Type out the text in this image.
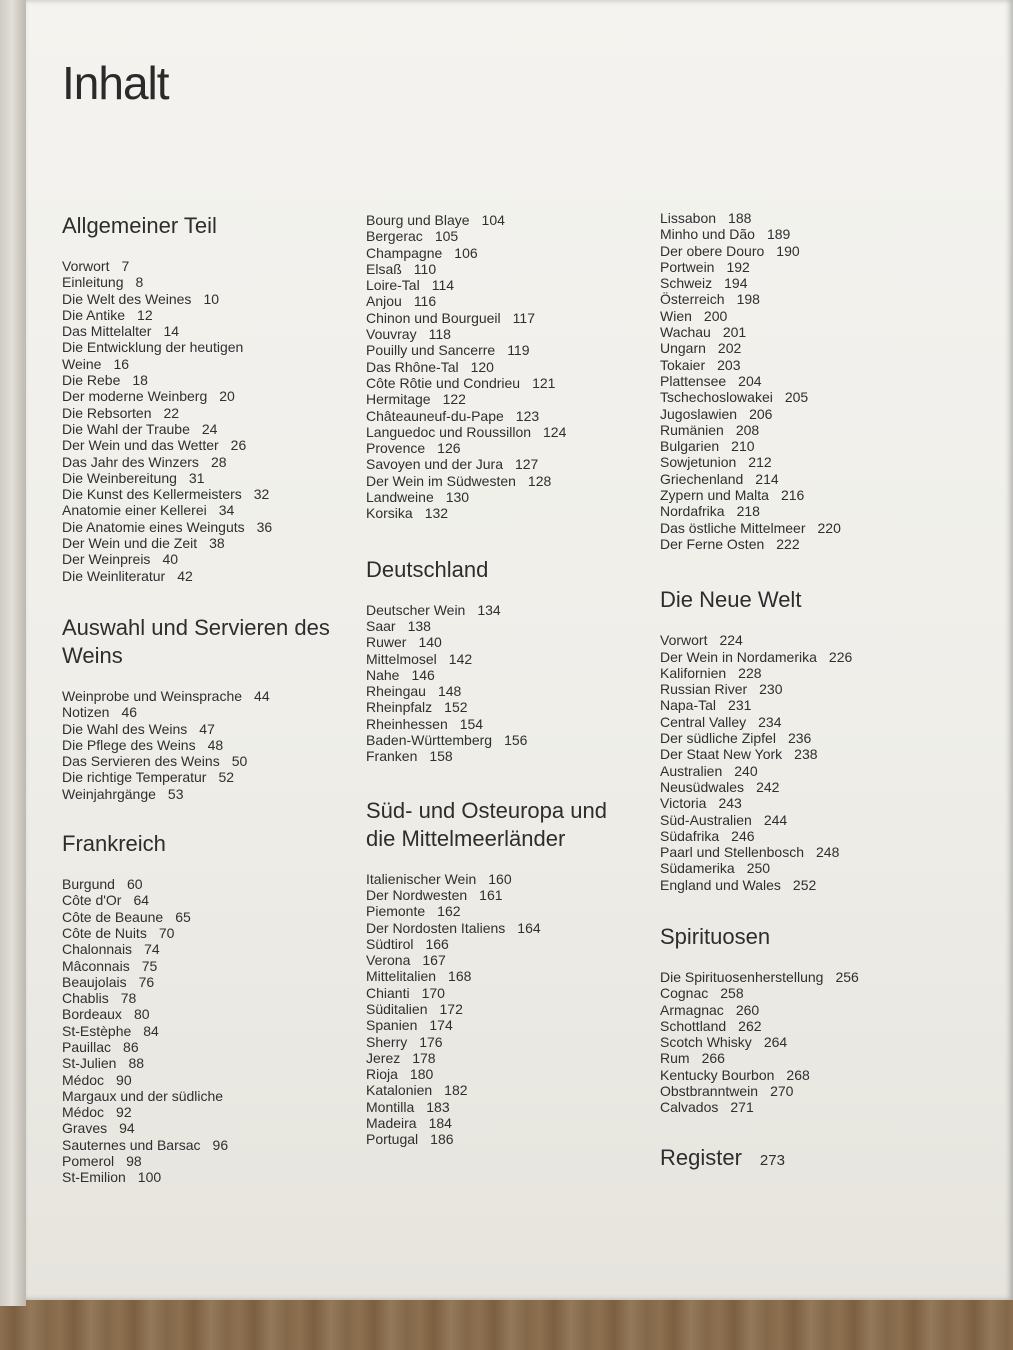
Inhalt
Allgemeiner Teil
Vorwort 7
Einleitung 8
Die Welt des Weines 10
Die Antike 12
Das Mittelalter 14
Die Entwicklung der heutigen
Weine 16
Die Rebe 18
Der moderne Weinberg 20
Die Rebsorten 22
Die Wahl der Traube 24
Der Wein und das Wetter 26
Das Jahr des Winzers 28
Die Weinbereitung 31
Die Kunst des Kellermeisters 32
Anatomie einer Kellerei 34
Die Anatomie eines Weinguts 36
Der Wein und die Zeit 38
Der Weinpreis 40
Die Weinliteratur 42
Auswahl und Servieren des Weins
Weinprobe und Weinsprache 44
Notizen 46
Die Wahl des Weins 47
Die Pflege des Weins 48
Das Servieren des Weins 50
Die richtige Temperatur 52
Weinjahrgänge 53
Frankreich
Burgund 60
Côte d'Or 64
Côte de Beaune 65
Côte de Nuits 70
Chalonnais 74
Mâconnais 75
Beaujolais 76
Chablis 78
Bordeaux 80
St-Estèphe 84
Pauillac 86
St-Julien 88
Médoc 90
Margaux und der südliche
Médoc 92
Graves 94
Sauternes und Barsac 96
Pomerol 98
St-Emilion 100
Bourg und Blaye 104
Bergerac 105
Champagne 106
Elsaß 110
Loire-Tal 114
Anjou 116
Chinon und Bourgueil 117
Vouvray 118
Pouilly und Sancerre 119
Das Rhône-Tal 120
Côte Rôtie und Condrieu 121
Hermitage 122
Châteauneuf-du-Pape 123
Languedoc und Roussillon 124
Provence 126
Savoyen und der Jura 127
Der Wein im Südwesten 128
Landweine 130
Korsika 132
Deutschland
Deutscher Wein 134
Saar 138
Ruwer 140
Mittelmosel 142
Nahe 146
Rheingau 148
Rheinpfalz 152
Rheinhessen 154
Baden-Württemberg 156
Franken 158
Süd- und Osteuropa und die Mittelmeerländer
Italienischer Wein 160
Der Nordwesten 161
Piemonte 162
Der Nordosten Italiens 164
Südtirol 166
Verona 167
Mittelitalien 168
Chianti 170
Süditalien 172
Spanien 174
Sherry 176
Jerez 178
Rioja 180
Katalonien 182
Montilla 183
Madeira 184
Portugal 186
Lissabon 188
Minho und Dão 189
Der obere Douro 190
Portwein 192
Schweiz 194
Österreich 198
Wien 200
Wachau 201
Ungarn 202
Tokaier 203
Plattensee 204
Tschechoslowakei 205
Jugoslawien 206
Rumänien 208
Bulgarien 210
Sowjetunion 212
Griechenland 214
Zypern und Malta 216
Nordafrika 218
Das östliche Mittelmeer 220
Der Ferne Osten 222
Die Neue Welt
Vorwort 224
Der Wein in Nordamerika 226
Kalifornien 228
Russian River 230
Napa-Tal 231
Central Valley 234
Der südliche Zipfel 236
Der Staat New York 238
Australien 240
Neusüdwales 242
Victoria 243
Süd-Australien 244
Südafrika 246
Paarl und Stellenbosch 248
Südamerika 250
England und Wales 252
Spirituosen
Die Spirituosenherstellung 256
Cognac 258
Armagnac 260
Schottland 262
Scotch Whisky 264
Rum 266
Kentucky Bourbon 268
Obstbranntwein 270
Calvados 271
Register 273
